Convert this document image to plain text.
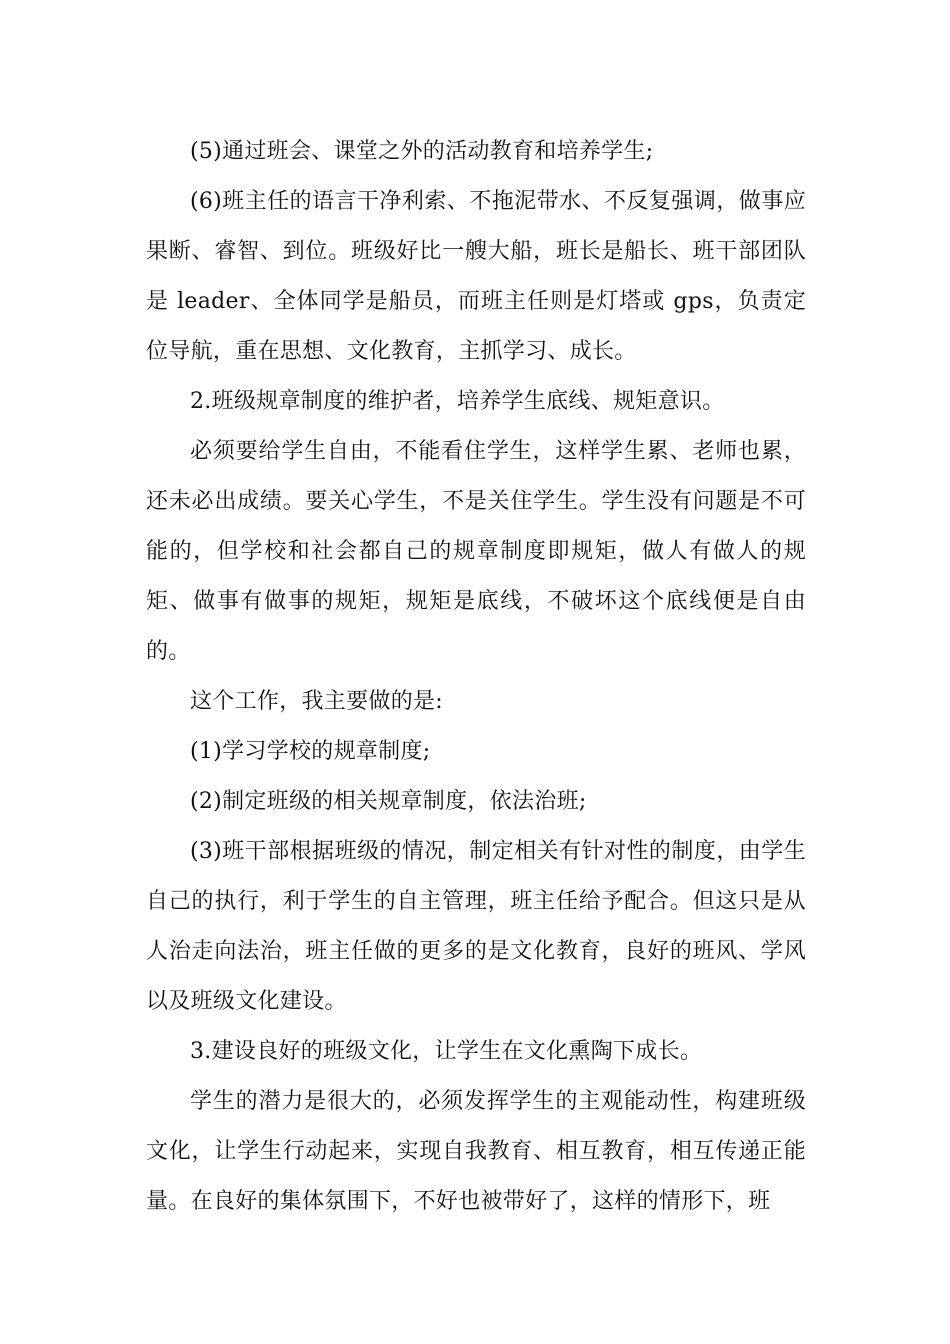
(5)通过班会、课堂之外的活动教育和培养学生;

(6)班主任的语言干净利索、不拖泥带水、不反复强调，做事应果断、睿智、到位。班级好比一艘大船，班长是船长、班干部团队是 leader、全体同学是船员，而班主任则是灯塔或 gps，负责定位导航，重在思想、文化教育，主抓学习、成长。

2.班级规章制度的维护者，培养学生底线、规矩意识。

必须要给学生自由，不能看住学生，这样学生累、老师也累，还未必出成绩。要关心学生，不是关住学生。学生没有问题是不可能的，但学校和社会都自己的规章制度即规矩，做人有做人的规矩、做事有做事的规矩，规矩是底线，不破坏这个底线便是自由的。

这个工作，我主要做的是:

(1)学习学校的规章制度;

(2)制定班级的相关规章制度，依法治班;

(3)班干部根据班级的情况，制定相关有针对性的制度，由学生自己的执行，利于学生的自主管理，班主任给予配合。但这只是从人治走向法治，班主任做的更多的是文化教育，良好的班风、学风以及班级文化建设。

3.建设良好的班级文化，让学生在文化熏陶下成长。

学生的潜力是很大的，必须发挥学生的主观能动性，构建班级文化，让学生行动起来，实现自我教育、相互教育，相互传递正能量。在良好的集体氛围下，不好也被带好了，这样的情形下，班
